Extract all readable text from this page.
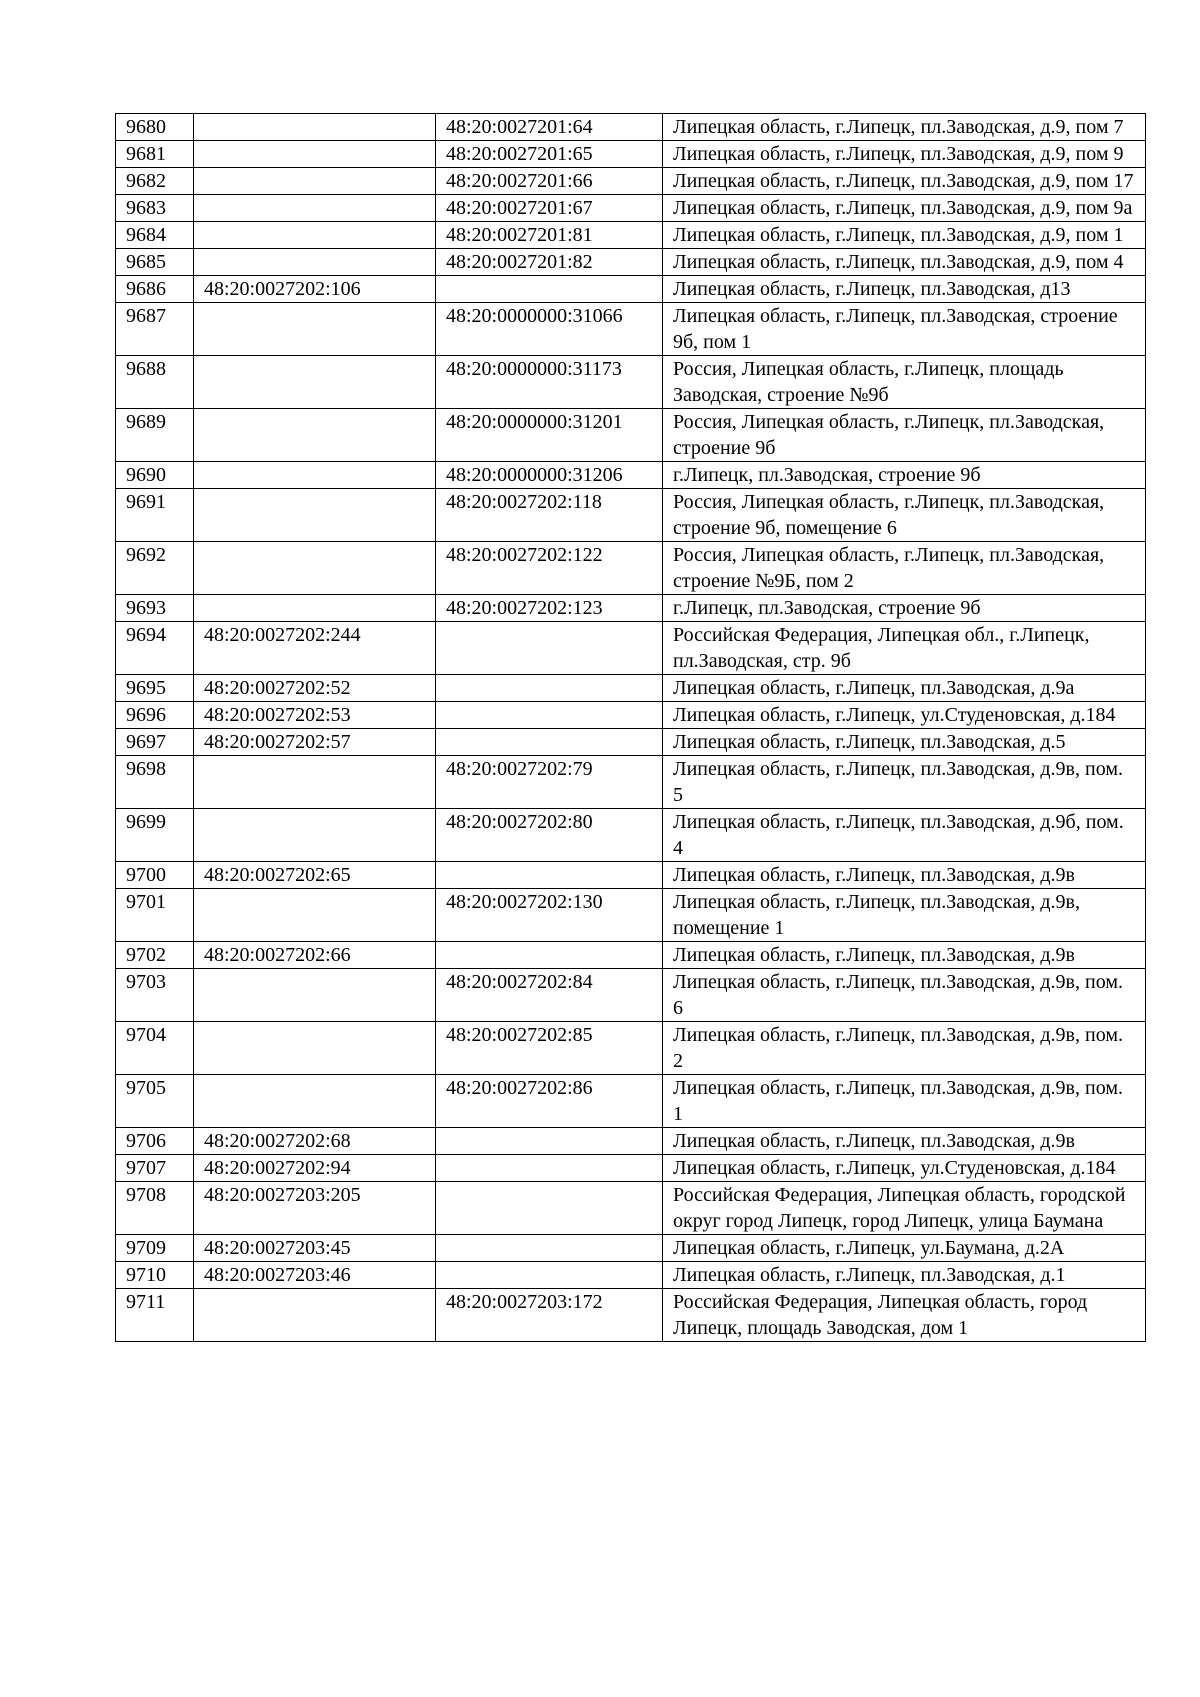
9680		48:20:0027201:64	Липецкая область, г.Липецк, пл.Заводская, д.9, пом 7
9681		48:20:0027201:65	Липецкая область, г.Липецк, пл.Заводская, д.9, пом 9
9682		48:20:0027201:66	Липецкая область, г.Липецк, пл.Заводская, д.9, пом 17
9683		48:20:0027201:67	Липецкая область, г.Липецк, пл.Заводская, д.9, пом 9а
9684		48:20:0027201:81	Липецкая область, г.Липецк, пл.Заводская, д.9, пом 1
9685		48:20:0027201:82	Липецкая область, г.Липецк, пл.Заводская, д.9, пом 4
9686	48:20:0027202:106		Липецкая область, г.Липецк, пл.Заводская, д13
9687		48:20:0000000:31066	Липецкая область, г.Липецк, пл.Заводская, строение 9б, пом 1
9688		48:20:0000000:31173	Россия, Липецкая область, г.Липецк, площадь Заводская, строение №9б
9689		48:20:0000000:31201	Россия, Липецкая область, г.Липецк, пл.Заводская, строение 9б
9690		48:20:0000000:31206	г.Липецк, пл.Заводская, строение 9б
9691		48:20:0027202:118	Россия, Липецкая область, г.Липецк, пл.Заводская, строение 9б, помещение 6
9692		48:20:0027202:122	Россия, Липецкая область, г.Липецк, пл.Заводская, строение №9Б, пом 2
9693		48:20:0027202:123	г.Липецк, пл.Заводская, строение 9б
9694	48:20:0027202:244		Российская Федерация, Липецкая обл., г.Липецк, пл.Заводская, стр. 9б
9695	48:20:0027202:52		Липецкая область, г.Липецк, пл.Заводская, д.9а
9696	48:20:0027202:53		Липецкая область, г.Липецк, ул.Студеновская, д.184
9697	48:20:0027202:57		Липецкая область, г.Липецк, пл.Заводская, д.5
9698		48:20:0027202:79	Липецкая область, г.Липецк, пл.Заводская, д.9в, пом. 5
9699		48:20:0027202:80	Липецкая область, г.Липецк, пл.Заводская, д.9б, пом. 4
9700	48:20:0027202:65		Липецкая область, г.Липецк, пл.Заводская, д.9в
9701		48:20:0027202:130	Липецкая область, г.Липецк, пл.Заводская, д.9в, помещение 1
9702	48:20:0027202:66		Липецкая область, г.Липецк, пл.Заводская, д.9в
9703		48:20:0027202:84	Липецкая область, г.Липецк, пл.Заводская, д.9в, пом. 6
9704		48:20:0027202:85	Липецкая область, г.Липецк, пл.Заводская, д.9в, пом. 2
9705		48:20:0027202:86	Липецкая область, г.Липецк, пл.Заводская, д.9в, пом. 1
9706	48:20:0027202:68		Липецкая область, г.Липецк, пл.Заводская, д.9в
9707	48:20:0027202:94		Липецкая область, г.Липецк, ул.Студеновская, д.184
9708	48:20:0027203:205		Российская Федерация, Липецкая область, городской округ город Липецк, город Липецк, улица Баумана
9709	48:20:0027203:45		Липецкая область, г.Липецк, ул.Баумана, д.2А
9710	48:20:0027203:46		Липецкая область, г.Липецк, пл.Заводская, д.1
9711		48:20:0027203:172	Российская Федерация, Липецкая область, город Липецк, площадь Заводская, дом 1
